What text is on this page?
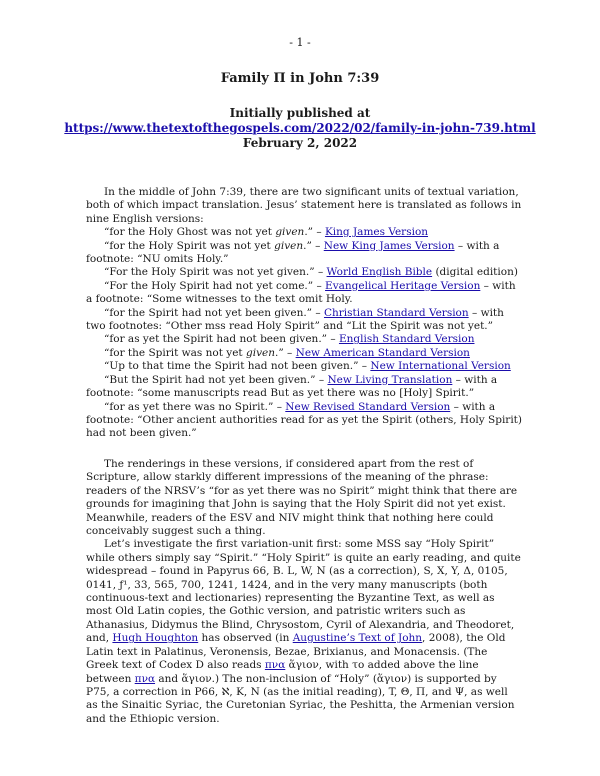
- 1 -
Family Π in John 7:39
Initially published at
https://www.thetextofthegospels.com/2022/02/family-in-john-739.html
February 2, 2022

In the middle of John 7:39, there are two significant units of textual variation, both of which impact translation. Jesus’ statement here is translated as follows in nine English versions:

“for the Holy Ghost was not yet given.” – King James Version

“for the Holy Spirit was not yet given.” – New King James Version – with a footnote: “NU omits Holy.”

“For the Holy Spirit was not yet given.” – World English Bible (digital edition)

“For the Holy Spirit had not yet come.” – Evangelical Heritage Version – with a footnote: “Some witnesses to the text omit Holy.

“for the Spirit had not yet been given.” – Christian Standard Version – with two footnotes: “Other mss read Holy Spirit” and “Lit the Spirit was not yet.”

“for as yet the Spirit had not been given.” – English Standard Version

“for the Spirit was not yet given.” – New American Standard Version

“Up to that time the Spirit had not been given.” – New International Version

“But the Spirit had not yet been given.” – New Living Translation – with a footnote: “some manuscripts read But as yet there was no [Holy] Spirit.”

“for as yet there was no Spirit.” – New Revised Standard Version – with a footnote: “Other ancient authorities read for as yet the Spirit (others, Holy Spirit) had not been given.”

The renderings in these versions, if considered apart from the rest of Scripture, allow starkly different impressions of the meaning of the phrase: readers of the NRSV’s “for as yet there was no Spirit” might think that there are grounds for imagining that John is saying that the Holy Spirit did not yet exist. Meanwhile, readers of the ESV and NIV might think that nothing here could conceivably suggest such a thing.

Let’s investigate the first variation-unit first: some MSS say “Holy Spirit” while others simply say “Spirit.” “Holy Spirit” is quite an early reading, and quite widespread – found in Papyrus 66, B. L, W, N (as a correction), S, X, Y, Δ, 0105, 0141, ƒ¹, 33, 565, 700, 1241, 1424, and in the very many manuscripts (both continuous-text and lectionaries) representing the Byzantine Text, as well as most Old Latin copies, the Gothic version, and patristic writers such as Athanasius, Didymus the Blind, Chrysostom, Cyril of Alexandria, and Theodoret, and, Hugh Houghton has observed (in Augustine’s Text of John, 2008), the Old Latin text in Palatinus, Veronensis, Bezae, Brixianus, and Monacensis. (The Greek text of Codex D also reads πνα ἅγιον, with το added above the line between πνα and ἅγιον.) The non-inclusion of “Holy” (ἅγιον) is supported by P75, a correction in P66, ℵ, K, N (as the initial reading), T, Θ, Π, and Ψ, as well as the Sinaitic Syriac, the Curetonian Syriac, the Peshitta, the Armenian version and the Ethiopic version.
